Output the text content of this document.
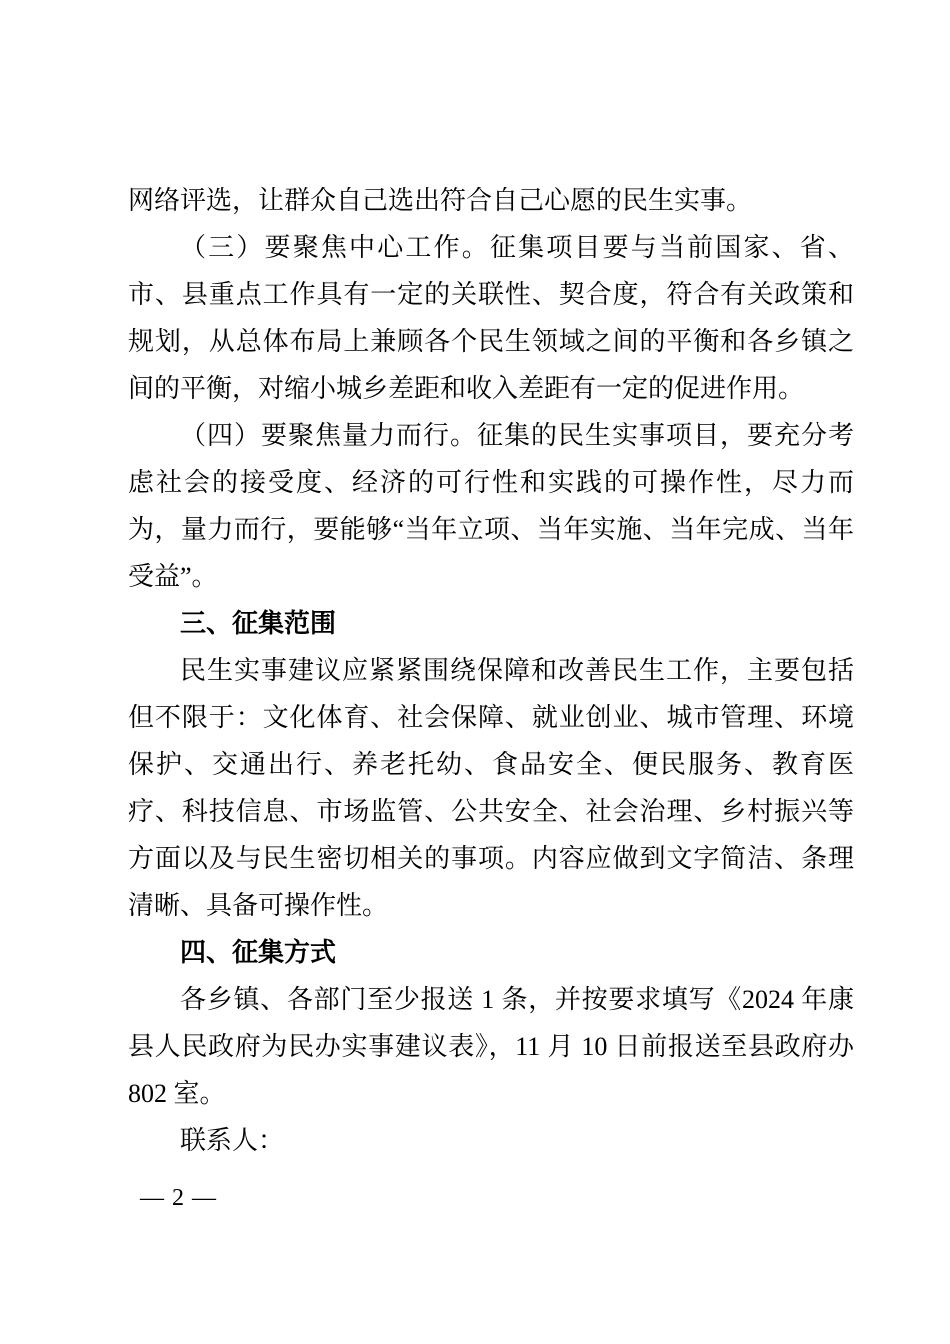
网络评选，让群众自己选出符合自己心愿的民生实事。

（三）要聚焦中心工作。征集项目要与当前国家、省、市、县重点工作具有一定的关联性、契合度，符合有关政策和规划，从总体布局上兼顾各个民生领域之间的平衡和各乡镇之间的平衡，对缩小城乡差距和收入差距有一定的促进作用。

（四）要聚焦量力而行。征集的民生实事项目，要充分考虑社会的接受度、经济的可行性和实践的可操作性，尽力而为，量力而行，要能够“当年立项、当年实施、当年完成、当年受益”。

三、征集范围

民生实事建议应紧紧围绕保障和改善民生工作，主要包括但不限于：文化体育、社会保障、就业创业、城市管理、环境保护、交通出行、养老托幼、食品安全、便民服务、教育医疗、科技信息、市场监管、公共安全、社会治理、乡村振兴等方面以及与民生密切相关的事项。内容应做到文字简洁、条理清晰、具备可操作性。

四、征集方式

各乡镇、各部门至少报送 1 条，并按要求填写《2024 年康县人民政府为民办实事建议表》，11 月 10 日前报送至县政府办 802 室。

联系人：

— 2 —
